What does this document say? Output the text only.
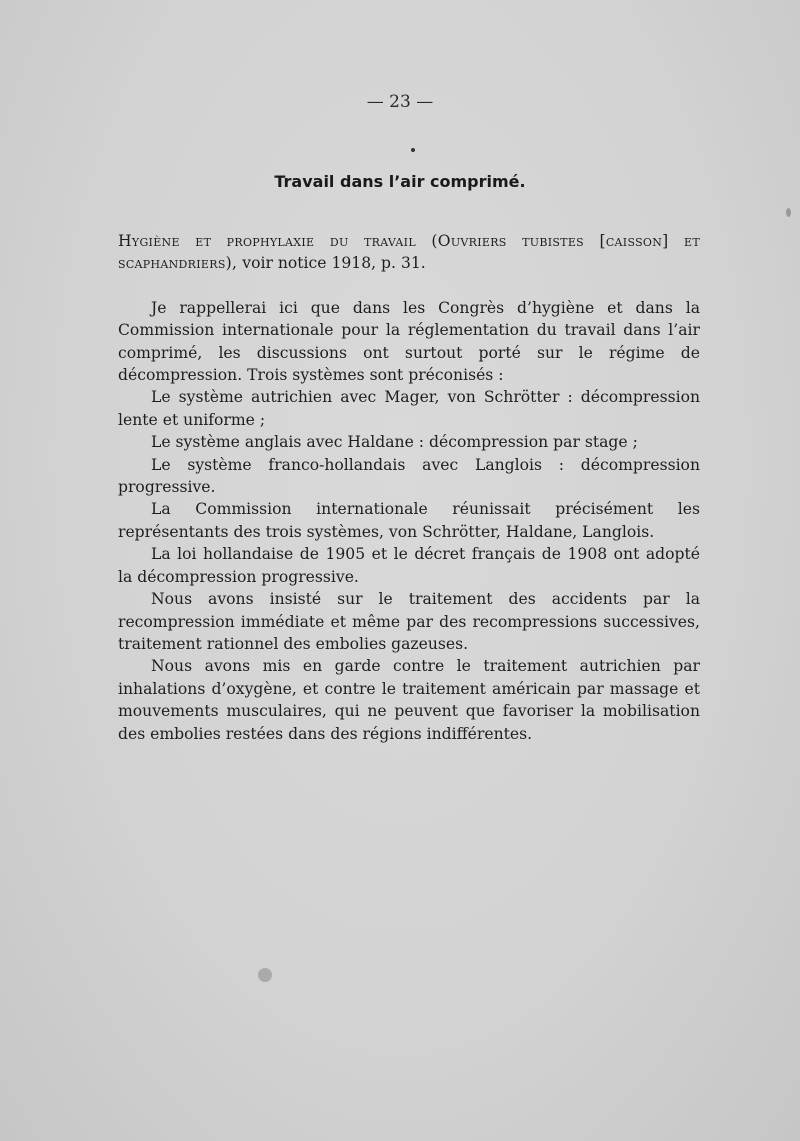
— 23 —
Travail dans l’air comprimé.
Hygiène et prophylaxie du travail (Ouvriers tubistes [caisson] et scaphandriers), voir notice 1918, p. 31.

Je rappellerai ici que dans les Congrès d’hygiène et dans la Commission internationale pour la réglementation du travail dans l’air comprimé, les discussions ont surtout porté sur le régime de décompression. Trois systèmes sont préconisés :

Le système autrichien avec Mager, von Schrötter : décompression lente et uniforme ;

Le système anglais avec Haldane : décompression par stage ;

Le système franco-hollandais avec Langlois : décompression progressive.

La Commission internationale réunissait précisément les représentants des trois systèmes, von Schrötter, Haldane, Langlois.

La loi hollandaise de 1905 et le décret français de 1908 ont adopté la décompression progressive.

Nous avons insisté sur le traitement des accidents par la recompression immédiate et même par des recompressions successives, traitement rationnel des embolies gazeuses.

Nous avons mis en garde contre le traitement autrichien par inhalations d’oxygène, et contre le traitement américain par massage et mouvements musculaires, qui ne peuvent que favoriser la mobilisation des embolies restées dans des régions indifférentes.
